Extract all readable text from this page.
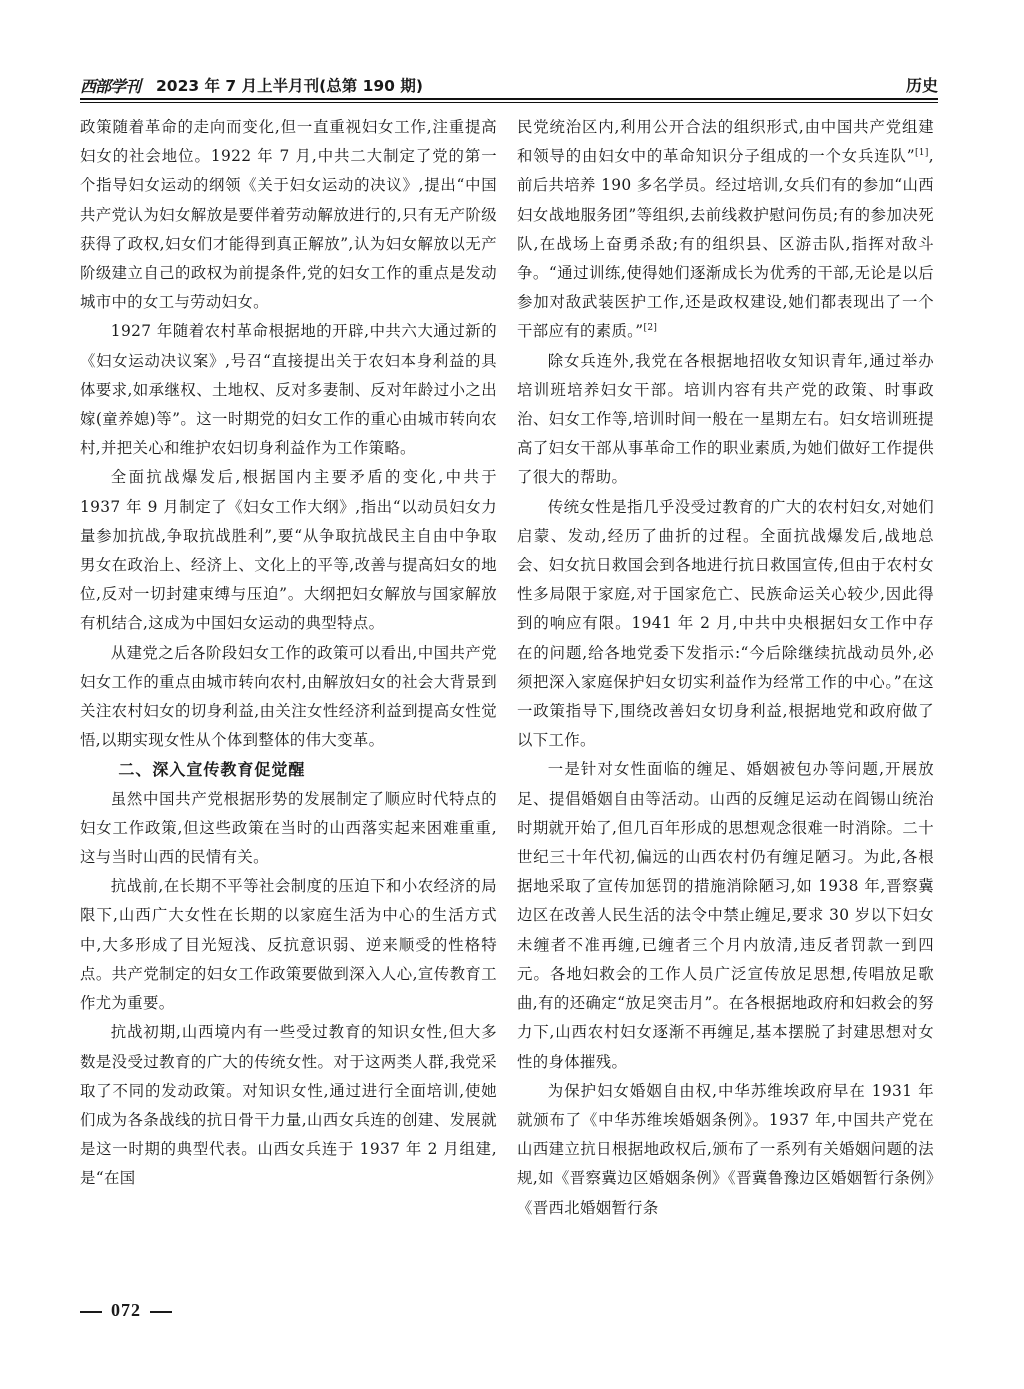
西部学刊 2023 年 7 月上半月刊(总第 190 期)	历史

政策随着革命的走向而变化,但一直重视妇女工作,注重提高妇女的社会地位。1922 年 7 月,中共二大制定了党的第一个指导妇女运动的纲领《关于妇女运动的决议》,提出“中国共产党认为妇女解放是要伴着劳动解放进行的,只有无产阶级获得了政权,妇女们才能得到真正解放”,认为妇女解放以无产阶级建立自己的政权为前提条件,党的妇女工作的重点是发动城市中的女工与劳动妇女。

1927 年随着农村革命根据地的开辟,中共六大通过新的《妇女运动决议案》,号召“直接提出关于农妇本身利益的具体要求,如承继权、土地权、反对多妻制、反对年龄过小之出嫁(童养媳)等”。这一时期党的妇女工作的重心由城市转向农村,并把关心和维护农妇切身利益作为工作策略。

全面抗战爆发后,根据国内主要矛盾的变化,中共于 1937 年 9 月制定了《妇女工作大纲》,指出“以动员妇女力量参加抗战,争取抗战胜利”,要“从争取抗战民主自由中争取男女在政治上、经济上、文化上的平等,改善与提高妇女的地位,反对一切封建束缚与压迫”。大纲把妇女解放与国家解放有机结合,这成为中国妇女运动的典型特点。

从建党之后各阶段妇女工作的政策可以看出,中国共产党妇女工作的重点由城市转向农村,由解放妇女的社会大背景到关注农村妇女的切身利益,由关注女性经济利益到提高女性觉悟,以期实现女性从个体到整体的伟大变革。

二、深入宣传教育促觉醒

虽然中国共产党根据形势的发展制定了顺应时代特点的妇女工作政策,但这些政策在当时的山西落实起来困难重重,这与当时山西的民情有关。

抗战前,在长期不平等社会制度的压迫下和小农经济的局限下,山西广大女性在长期的以家庭生活为中心的生活方式中,大多形成了目光短浅、反抗意识弱、逆来顺受的性格特点。共产党制定的妇女工作政策要做到深入人心,宣传教育工作尤为重要。

抗战初期,山西境内有一些受过教育的知识女性,但大多数是没受过教育的广大的传统女性。对于这两类人群,我党采取了不同的发动政策。对知识女性,通过进行全面培训,使她们成为各条战线的抗日骨干力量,山西女兵连的创建、发展就是这一时期的典型代表。山西女兵连于 1937 年 2 月组建,是“在国

民党统治区内,利用公开合法的组织形式,由中国共产党组建和领导的由妇女中的革命知识分子组成的一个女兵连队”[1],前后共培养 190 多名学员。经过培训,女兵们有的参加“山西妇女战地服务团”等组织,去前线救护慰问伤员;有的参加决死队,在战场上奋勇杀敌;有的组织县、区游击队,指挥对敌斗争。“通过训练,使得她们逐渐成长为优秀的干部,无论是以后参加对敌武装医护工作,还是政权建设,她们都表现出了一个干部应有的素质。”[2]

除女兵连外,我党在各根据地招收女知识青年,通过举办培训班培养妇女干部。培训内容有共产党的政策、时事政治、妇女工作等,培训时间一般在一星期左右。妇女培训班提高了妇女干部从事革命工作的职业素质,为她们做好工作提供了很大的帮助。

传统女性是指几乎没受过教育的广大的农村妇女,对她们启蒙、发动,经历了曲折的过程。全面抗战爆发后,战地总会、妇女抗日救国会到各地进行抗日救国宣传,但由于农村女性多局限于家庭,对于国家危亡、民族命运关心较少,因此得到的响应有限。1941 年 2 月,中共中央根据妇女工作中存在的问题,给各地党委下发指示:“今后除继续抗战动员外,必须把深入家庭保护妇女切实利益作为经常工作的中心。”在这一政策指导下,围绕改善妇女切身利益,根据地党和政府做了以下工作。

一是针对女性面临的缠足、婚姻被包办等问题,开展放足、提倡婚姻自由等活动。山西的反缠足运动在阎锡山统治时期就开始了,但几百年形成的思想观念很难一时消除。二十世纪三十年代初,偏远的山西农村仍有缠足陋习。为此,各根据地采取了宣传加惩罚的措施消除陋习,如 1938 年,晋察冀边区在改善人民生活的法令中禁止缠足,要求 30 岁以下妇女未缠者不准再缠,已缠者三个月内放清,违反者罚款一到四元。各地妇救会的工作人员广泛宣传放足思想,传唱放足歌曲,有的还确定“放足突击月”。在各根据地政府和妇救会的努力下,山西农村妇女逐渐不再缠足,基本摆脱了封建思想对女性的身体摧残。

为保护妇女婚姻自由权,中华苏维埃政府早在 1931 年就颁布了《中华苏维埃婚姻条例》。1937 年,中国共产党在山西建立抗日根据地政权后,颁布了一系列有关婚姻问题的法规,如《晋察冀边区婚姻条例》《晋冀鲁豫边区婚姻暂行条例》《晋西北婚姻暂行条

072
